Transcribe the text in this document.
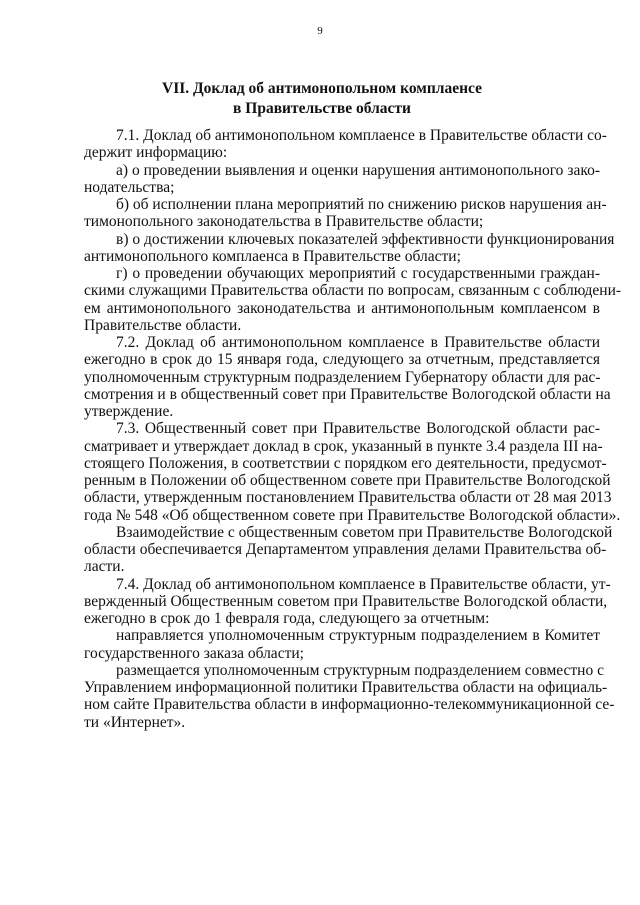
9
VII. Доклад об антимонопольном комплаенсе
в Правительстве области
7.1. Доклад об антимонопольном комплаенсе в Правительстве области со-
держит информацию:
а) о проведении выявления и оценки нарушения антимонопольного зако-
нодательства;
б) об исполнении плана мероприятий по снижению рисков нарушения ан-
тимонопольного законодательства в Правительстве области;
в) о достижении ключевых показателей эффективности функционирования
антимонопольного комплаенса в Правительстве области;
г) о проведении обучающих мероприятий с государственными граждан-
скими служащими Правительства области по вопросам, связанным с соблюдени-
ем антимонопольного законодательства и антимонопольным комплаенсом в
Правительстве области.
7.2. Доклад об антимонопольном комплаенсе в Правительстве области
ежегодно в срок до 15 января года, следующего за отчетным, представляется
уполномоченным структурным подразделением Губернатору области для рас-
смотрения и в общественный совет при Правительстве Вологодской области на
утверждение.
7.3. Общественный совет при Правительстве Вологодской области рас-
сматривает и утверждает доклад в срок, указанный в пункте 3.4 раздела III на-
стоящего Положения, в соответствии с порядком его деятельности, предусмот-
ренным в Положении об общественном совете при Правительстве Вологодской
области, утвержденным постановлением Правительства области от 28 мая 2013
года № 548 «Об общественном совете при Правительстве Вологодской области».
Взаимодействие с общественным советом при Правительстве Вологодской
области обеспечивается Департаментом управления делами Правительства об-
ласти.
7.4. Доклад об антимонопольном комплаенсе в Правительстве области, ут-
вержденный Общественным советом при Правительстве Вологодской области,
ежегодно в срок до 1 февраля года, следующего за отчетным:
направляется уполномоченным структурным подразделением в Комитет
государственного заказа области;
размещается уполномоченным структурным подразделением совместно с
Управлением информационной политики Правительства области на официаль-
ном сайте Правительства области в информационно-телекоммуникационной се-
ти «Интернет».
